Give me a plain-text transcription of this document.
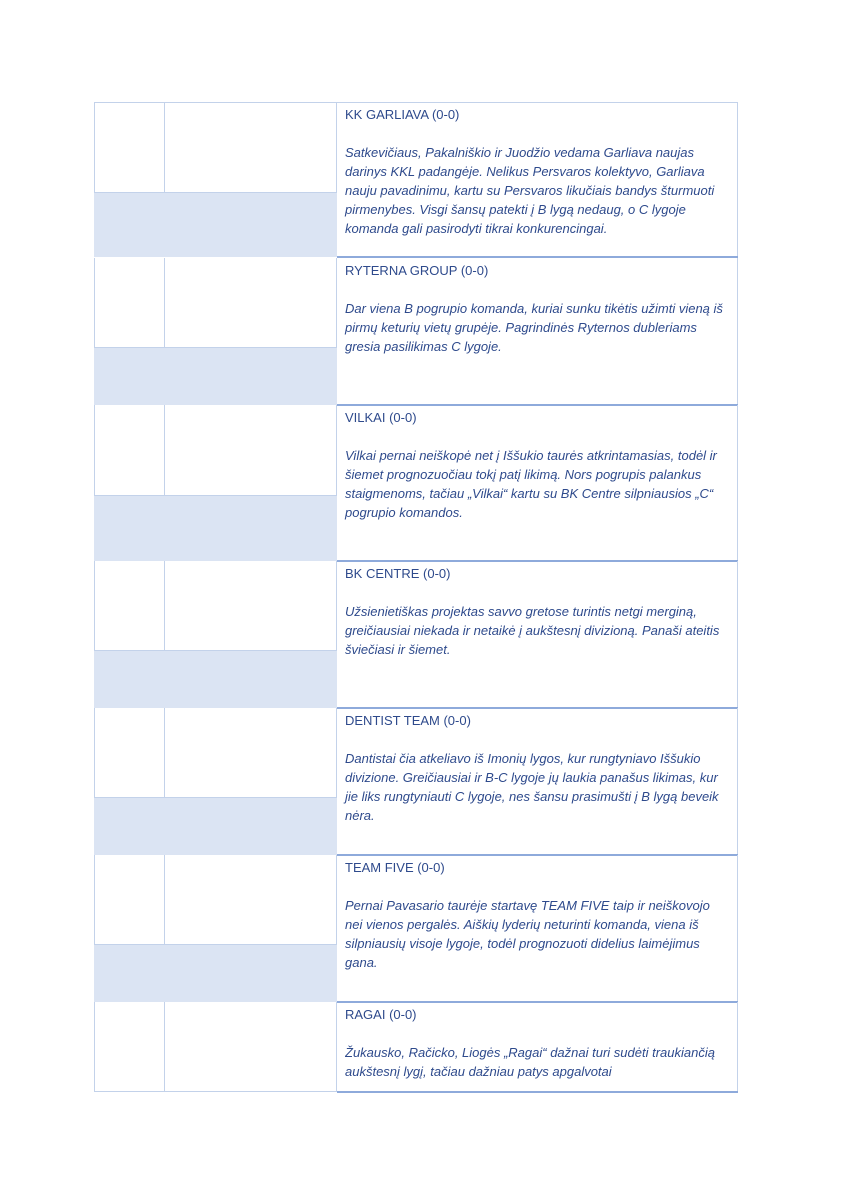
KK GARLIAVA (0-0)

Satkevičiaus, Pakalniškio ir Juodžio vedama Garliava naujas darinys KKL padangėje. Nelikus Persvaros kolektyvo, Garliava nauju pavadinimu, kartu su Persvaros likučiais bandys šturmuoti pirmenybes. Visgi šansų patekti į B lygą nedaug, o C lygoje komanda gali pasirodyti tikrai konkurencingai.

RYTERNA GROUP (0-0)

Dar viena B pogrupio komanda, kuriai sunku tikėtis užimti vieną iš pirmų keturių vietų grupėje. Pagrindinės Ryternos dubleriams gresia pasilikimas C lygoje.

VILKAI (0-0)

Vilkai pernai neiškopė net į Iššukio taurės atkrintamasias, todėl ir šiemet prognozuočiau tokį patį likimą. Nors pogrupis palankus staigmenoms, tačiau „Vilkai“ kartu su BK Centre silpniausios „C“ pogrupio komandos.

BK CENTRE (0-0)

Užsienietiškas projektas savvo gretose turintis netgi merginą, greičiausiai niekada ir netaikė į aukštesnį divizioną. Panaši ateitis šviečiasi ir šiemet.

DENTIST TEAM (0-0)

Dantistai čia atkeliavo iš Imonių lygos, kur rungtyniavo Iššukio divizione. Greičiausiai ir B-C lygoje jų laukia panašus likimas, kur jie liks rungtyniauti C lygoje, nes šansu prasimušti į B lygą beveik nėra.

TEAM FIVE (0-0)

Pernai Pavasario taurėje startavę TEAM FIVE taip ir neiškovojo nei vienos pergalės. Aiškių lyderių neturinti komanda, viena iš silpniausių visoje lygoje, todėl prognozuoti didelius laimėjimus gana.

RAGAI (0-0)

Žukausko, Račicko, Liogės „Ragai“ dažnai turi sudėti traukiančią aukštesnį lygį, tačiau dažniau patys apgalvotai
